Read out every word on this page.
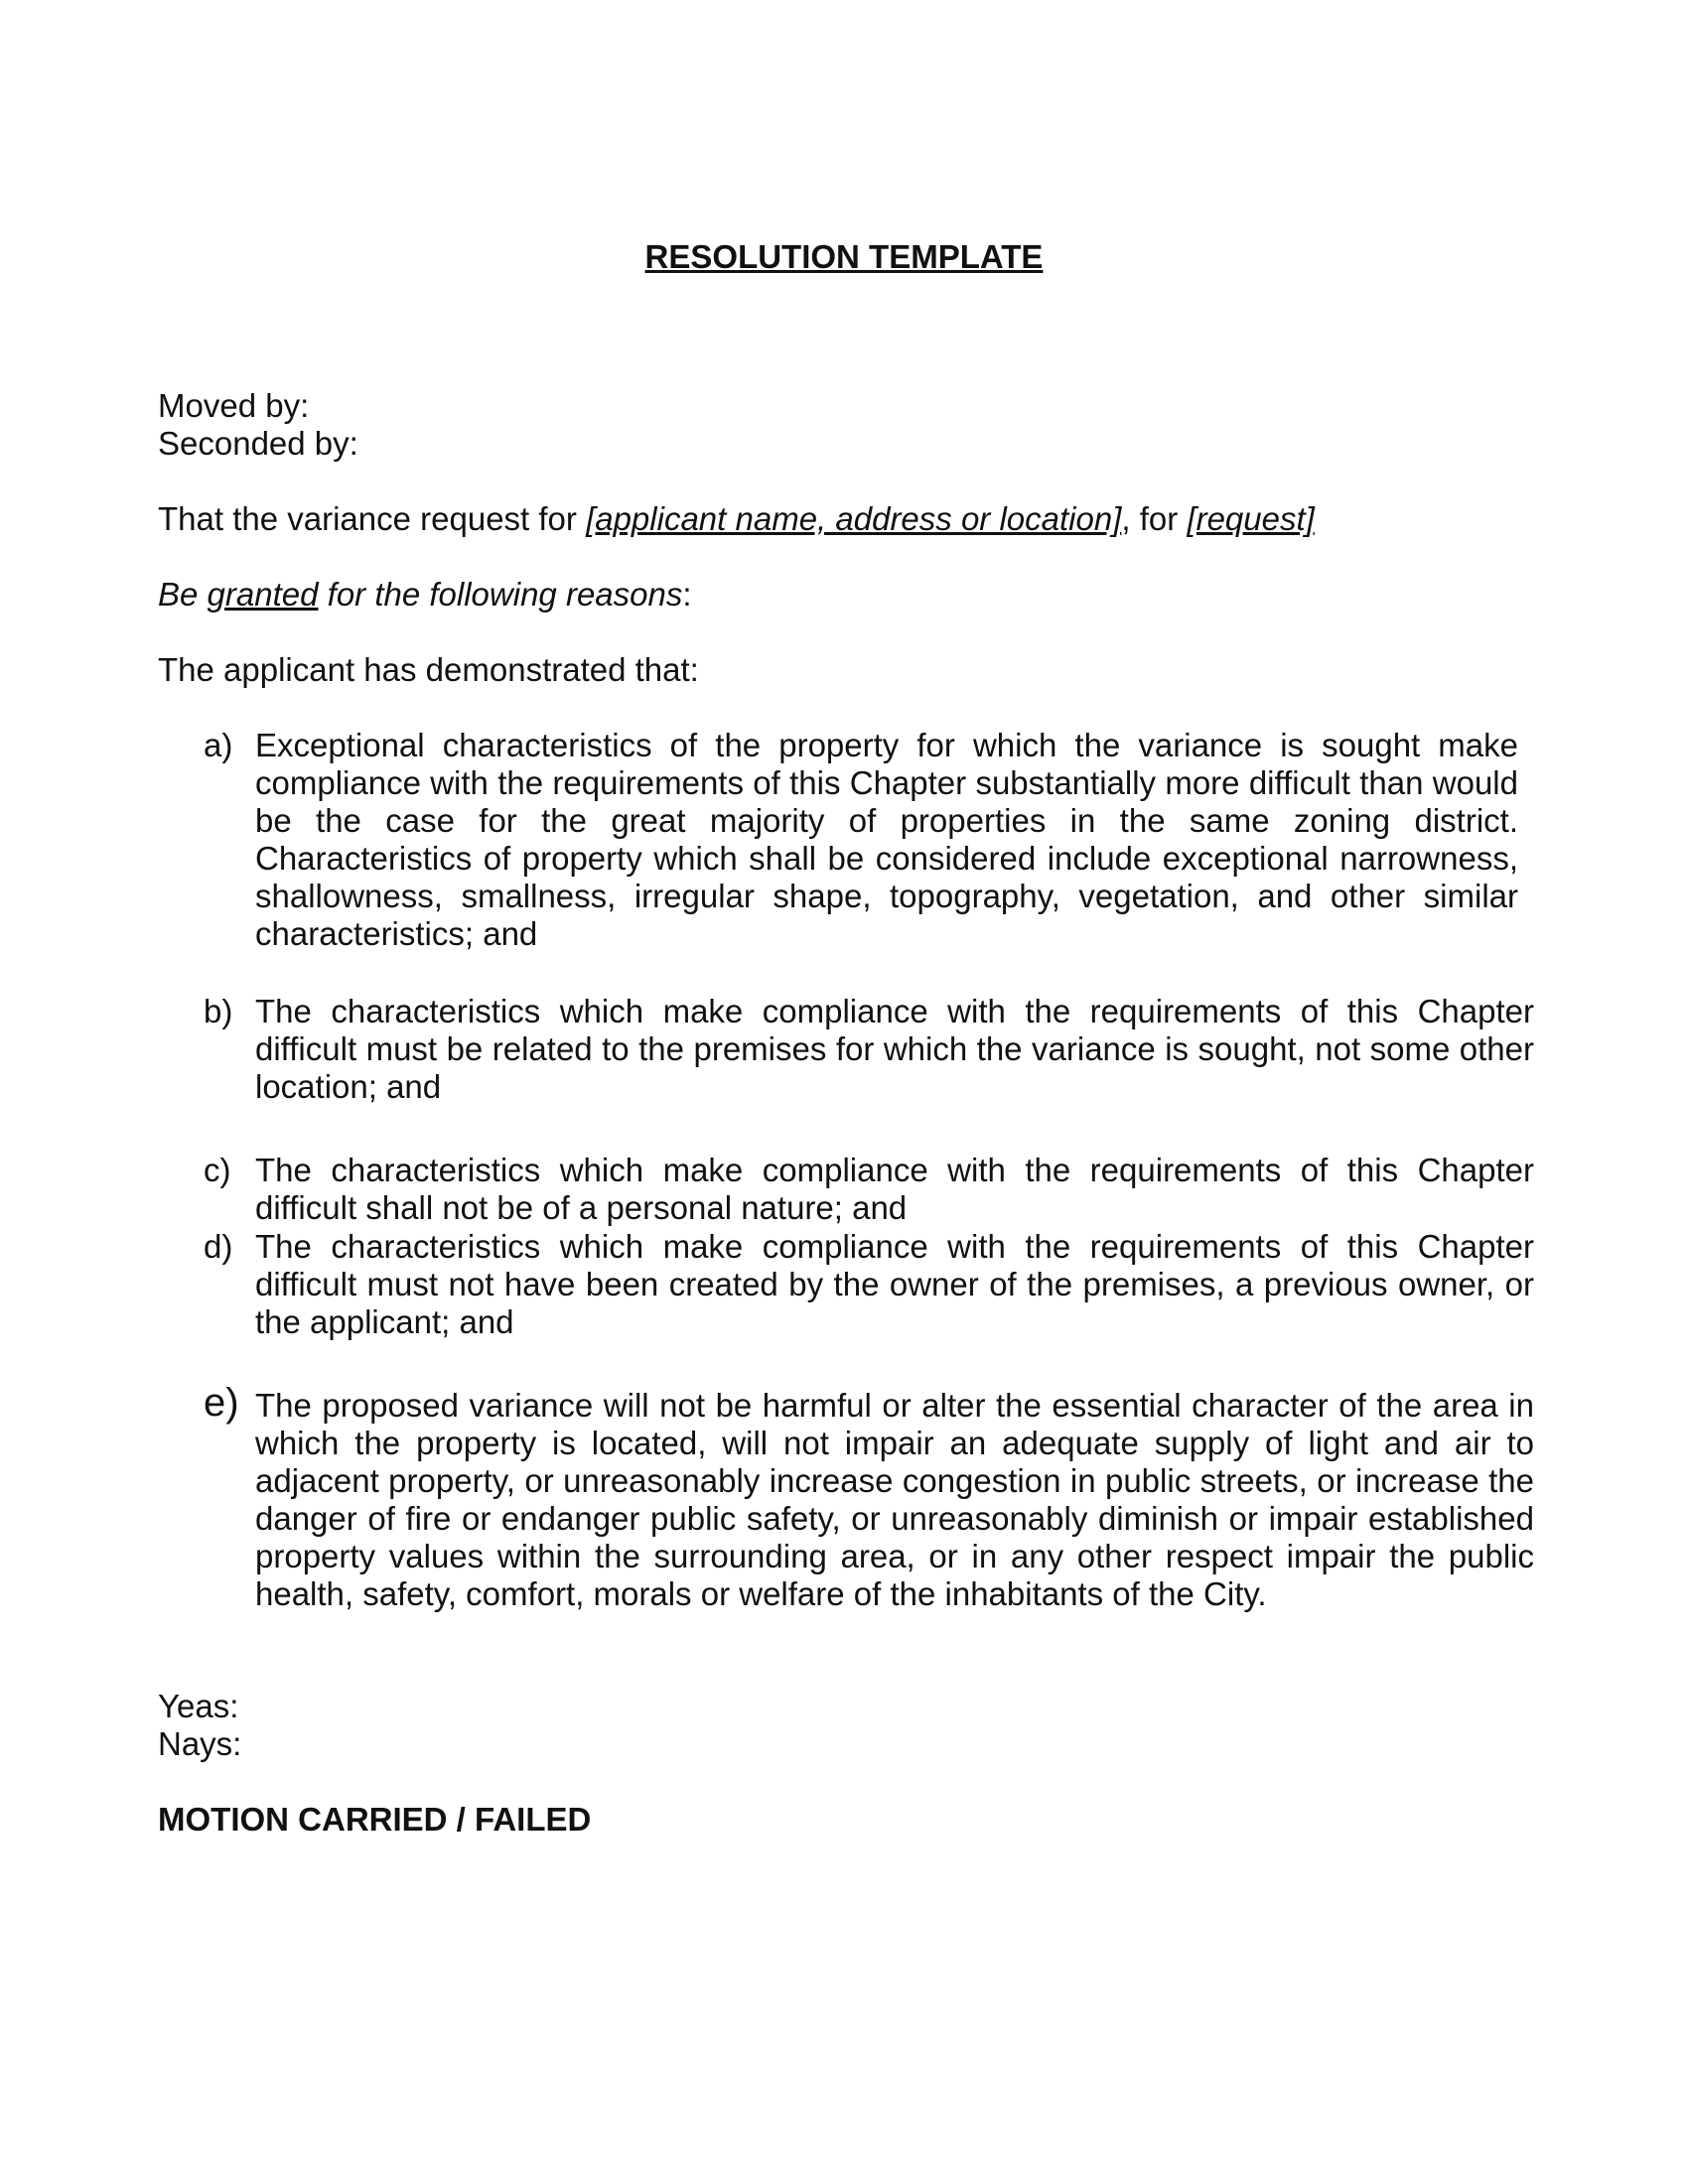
RESOLUTION TEMPLATE
Moved by:
Seconded by:
That the variance request for [applicant name, address or location], for [request]
Be granted for the following reasons:
The applicant has demonstrated that:
a) Exceptional characteristics of the property for which the variance is sought make compliance with the requirements of this Chapter substantially more difficult than would be the case for the great majority of properties in the same zoning district. Characteristics of property which shall be considered include exceptional narrowness, shallowness, smallness, irregular shape, topography, vegetation, and other similar characteristics; and
b) The characteristics which make compliance with the requirements of this Chapter difficult must be related to the premises for which the variance is sought, not some other location; and
c) The characteristics which make compliance with the requirements of this Chapter difficult shall not be of a personal nature; and
d) The characteristics which make compliance with the requirements of this Chapter difficult must not have been created by the owner of the premises, a previous owner, or the applicant; and
e) The proposed variance will not be harmful or alter the essential character of the area in which the property is located, will not impair an adequate supply of light and air to adjacent property, or unreasonably increase congestion in public streets, or increase the danger of fire or endanger public safety, or unreasonably diminish or impair established property values within the surrounding area, or in any other respect impair the public health, safety, comfort, morals or welfare of the inhabitants of the City.
Yeas:
Nays:
MOTION CARRIED / FAILED
